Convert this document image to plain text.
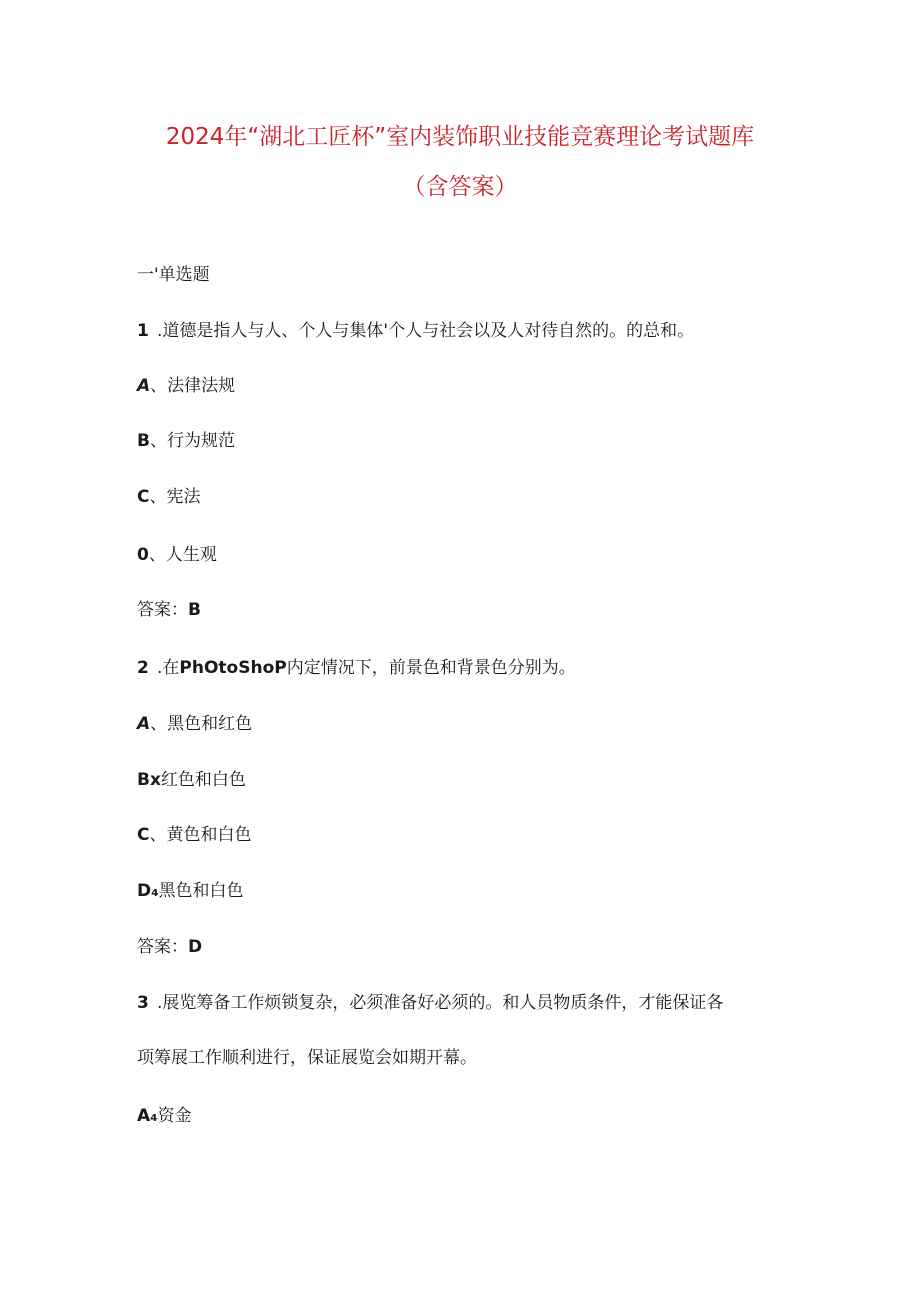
2024年“湖北工匠杯”室内装饰职业技能竞赛理论考试题库
（含答案）
一'单选题
1 .道德是指人与人、个人与集体'个人与社会以及人对待自然的。的总和。
A、法律法规
B、行为规范
C、宪法
0、人生观
答案：B
2 .在PhOtoShoP内定情况下，前景色和背景色分别为。
A、黑色和红色
Bx红色和白色
C、黄色和白色
D₄黑色和白色
答案：D
3 .展览筹备工作烦锁复杂，必须准备好必须的。和人员物质条件，才能保证各
项筹展工作顺利进行，保证展览会如期开幕。
A₄资金
